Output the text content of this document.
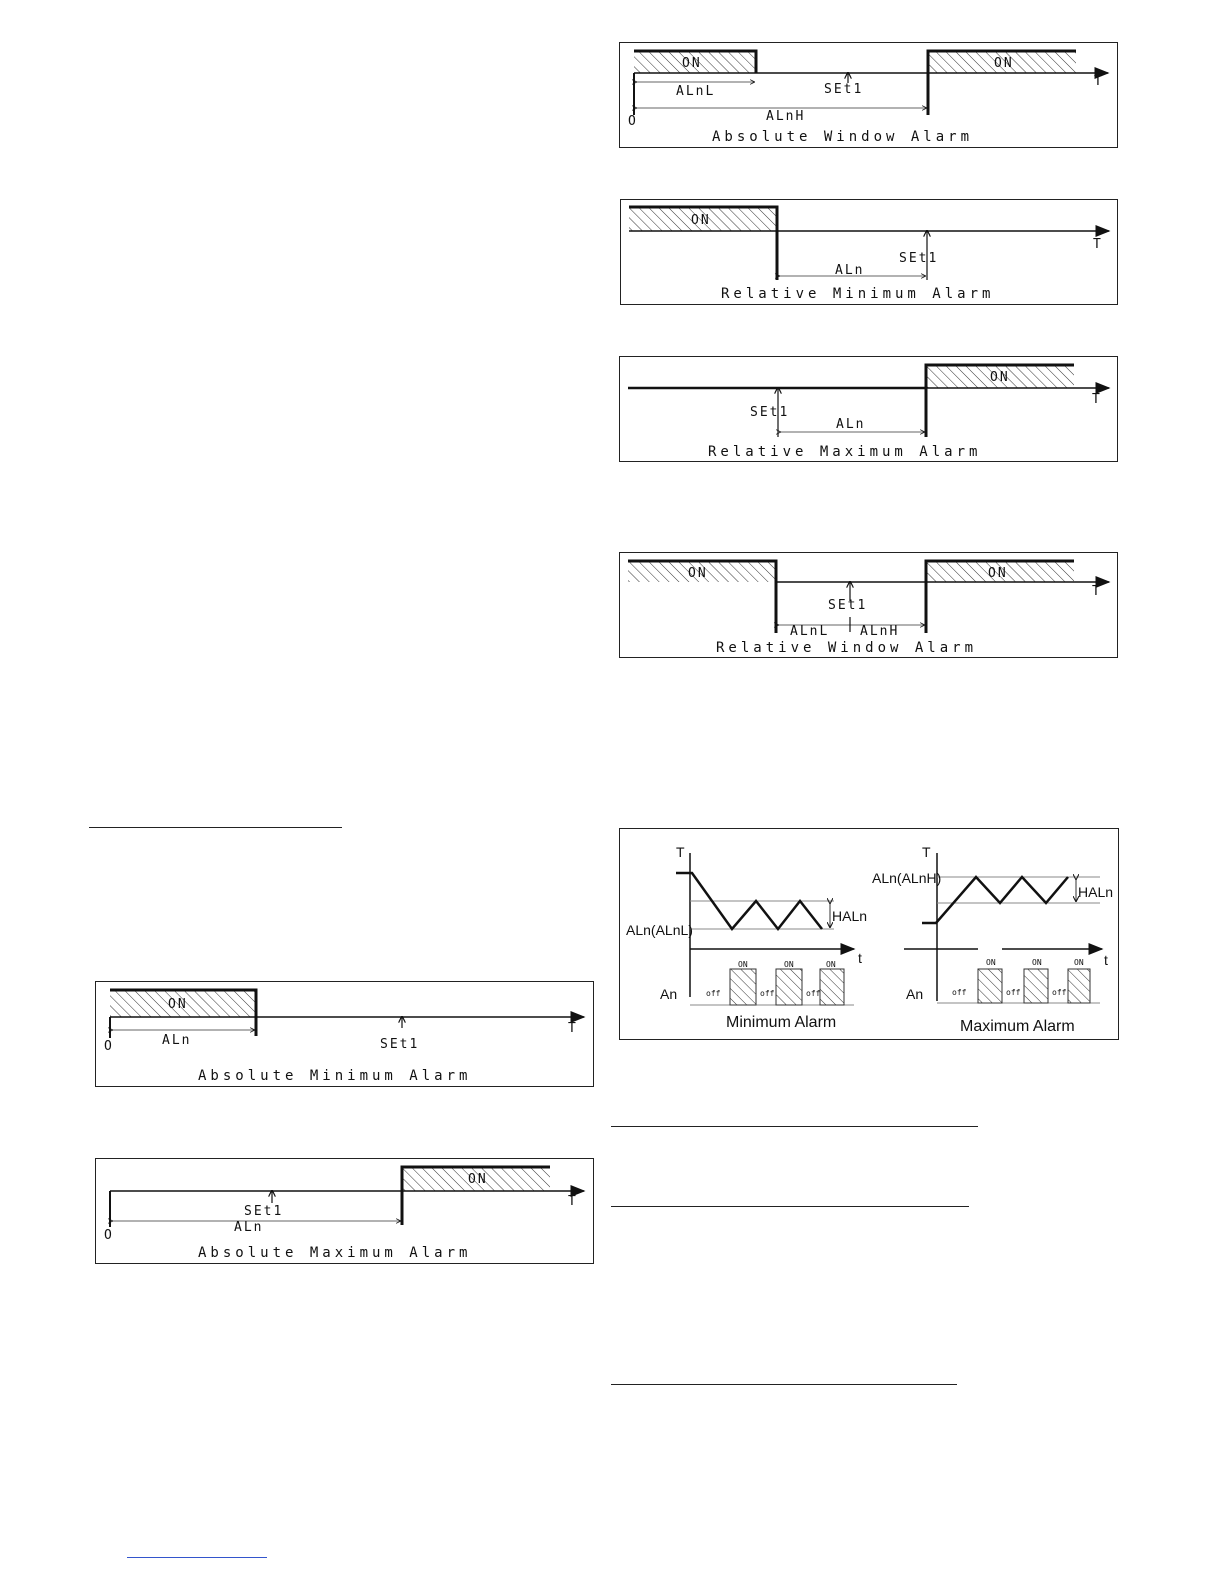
ON	ON
ALnL	SEt1
ALnH
O
T
Absolute Window Alarm
ON
SEt1
ALn
T
Relative Minimum Alarm
ON
SEt1
ALn
T
Relative Maximum Alarm
ON	ON
SEt1
ALnL ALnH
T
Relative Window Alarm
T
t
HALn
ALn(ALnL)
An
ON	ON	ON
off	off	off
Minimum Alarm
T
t
HALn
ALn(ALnH)
An
ON	ON	ON
off	off	off
Maximum Alarm
ON
ALn	SEt1
O
T
Absolute Minimum Alarm
ON
SEt1
ALn
O
T
Absolute Maximum Alarm
